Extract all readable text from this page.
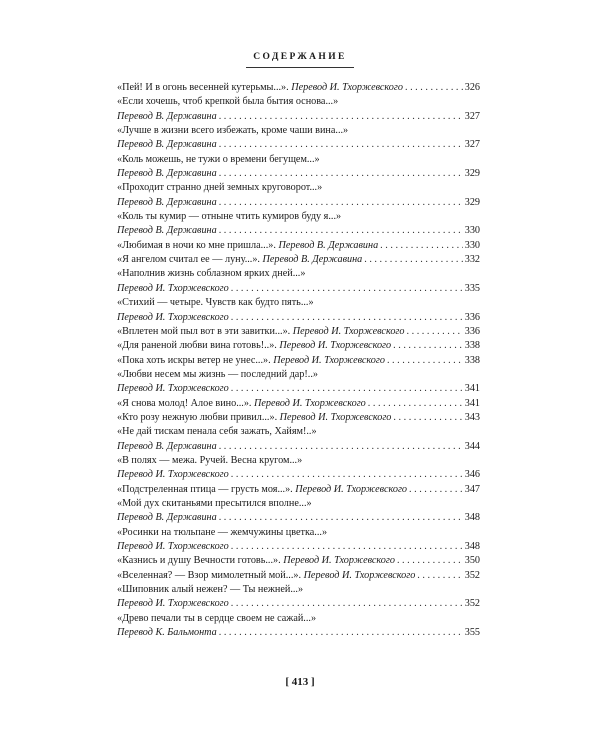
СОДЕРЖАНИЕ
«Пей! И в огонь весенней кутерьмы...». Перевод И. Тхоржевского . . .	326
«Если хочешь, чтоб крепкой была бытия основа...»
Перевод В. Державина . . .	327
«Лучше в жизни всего избежать, кроме чаши вина...»
Перевод В. Державина . . .	327
«Коль можешь, не тужи о времени бегущем...»
Перевод В. Державина . . .	329
«Проходит странно дней земных круговорот...»
Перевод В. Державина . . .	329
«Коль ты кумир — отныне чтить кумиров буду я...»
Перевод В. Державина . . .	330
«Любимая в ночи ко мне пришла...». Перевод В. Державина . . .	330
«Я ангелом считал ее — луну...». Перевод В. Державина . . .	332
«Наполнив жизнь соблазном ярких дней...»
Перевод И. Тхоржевского . . .	335
«Стихий — четыре. Чувств как будто пять...»
Перевод И. Тхоржевского . . .	336
«Вплетен мой пыл вот в эти завитки...». Перевод И. Тхоржевского . . .	336
«Для раненой любви вина готовь!..». Перевод И. Тхоржевского . . .	338
«Пока хоть искры ветер не унес...». Перевод И. Тхоржевского . . .	338
«Любви несем мы жизнь — последний дар!..»
Перевод И. Тхоржевского . . .	341
«Я снова молод! Алое вино...». Перевод И. Тхоржевского . . .	341
«Кто розу нежную любви привил...». Перевод И. Тхоржевского . . .	343
«Не дай тискам пенала себя зажать, Хайям!..»
Перевод В. Державина . . .	344
«В полях — межа. Ручей. Весна кругом...»
Перевод И. Тхоржевского . . .	346
«Подстреленная птица — грусть моя...». Перевод И. Тхоржевского . . .	347
«Мой дух скитаньями пресытился вполне...»
Перевод В. Державина . . .	348
«Росинки на тюльпане — жемчужины цветка...»
Перевод И. Тхоржевского . . .	348
«Казнись и душу Вечности готовь...». Перевод И. Тхоржевского . . .	350
«Вселенная? — Взор мимолетный мой...». Перевод И. Тхоржевского . . .	352
«Шиповник алый нежен? — Ты нежней...»
Перевод И. Тхоржевского . . .	352
«Древо печали ты в сердце своем не сажай...»
Перевод К. Бальмонта . . .	355
[ 413 ]
